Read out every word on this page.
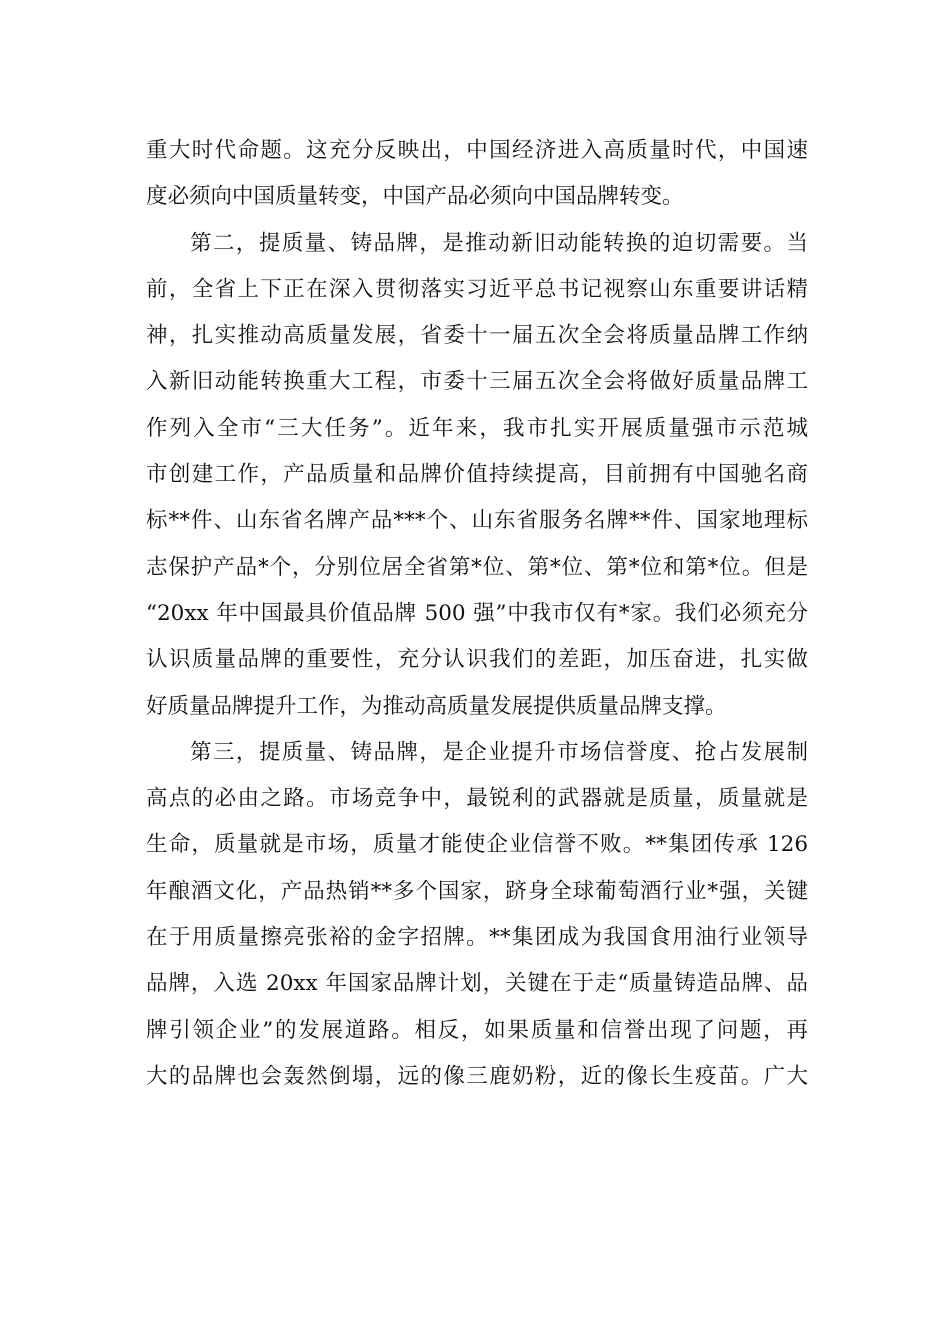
重大时代命题。这充分反映出，中国经济进入高质量时代，中国速
度必须向中国质量转变，中国产品必须向中国品牌转变。
第二，提质量、铸品牌，是推动新旧动能转换的迫切需要。当
前，全省上下正在深入贯彻落实习近平总书记视察山东重要讲话精
神，扎实推动高质量发展，省委十一届五次全会将质量品牌工作纳
入新旧动能转换重大工程，市委十三届五次全会将做好质量品牌工
作列入全市“三大任务”。近年来，我市扎实开展质量强市示范城
市创建工作，产品质量和品牌价值持续提高，目前拥有中国驰名商
标**件、山东省名牌产品***个、山东省服务名牌**件、国家地理标
志保护产品*个，分别位居全省第*位、第*位、第*位和第*位。但是
“20xx 年中国最具价值品牌 500 强”中我市仅有*家。我们必须充分
认识质量品牌的重要性，充分认识我们的差距，加压奋进，扎实做
好质量品牌提升工作，为推动高质量发展提供质量品牌支撑。
第三，提质量、铸品牌，是企业提升市场信誉度、抢占发展制
高点的必由之路。市场竞争中，最锐利的武器就是质量，质量就是
生命，质量就是市场，质量才能使企业信誉不败。**集团传承 126
年酿酒文化，产品热销**多个国家，跻身全球葡萄酒行业*强，关键
在于用质量擦亮张裕的金字招牌。**集团成为我国食用油行业领导
品牌，入选 20xx 年国家品牌计划，关键在于走“质量铸造品牌、品
牌引领企业”的发展道路。相反，如果质量和信誉出现了问题，再
大的品牌也会轰然倒塌，远的像三鹿奶粉，近的像长生疫苗。广大
